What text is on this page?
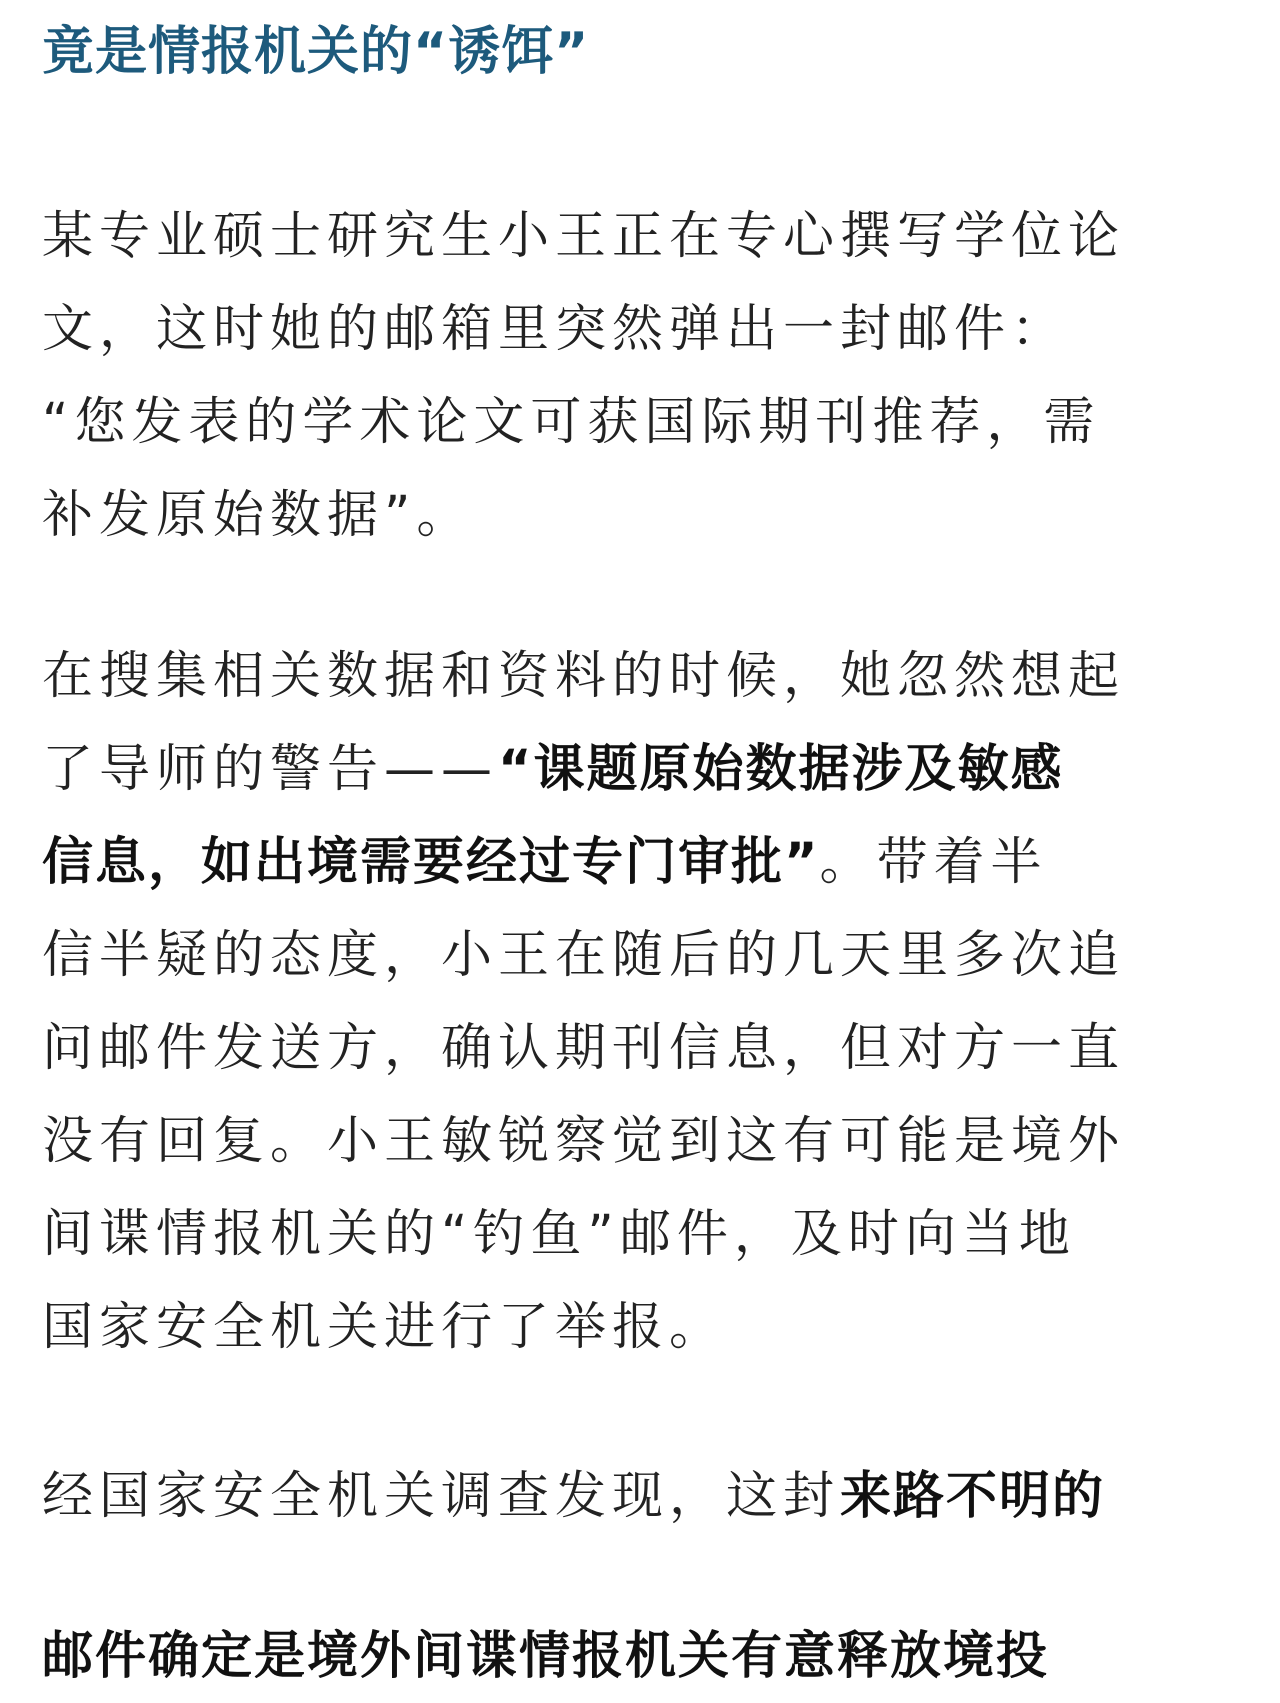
竟是情报机关的“诱饵”

某专业硕士研究生小王正在专心撰写学位论
文，这时她的邮箱里突然弹出一封邮件：
“您发表的学术论文可获国际期刊推荐，需
补发原始数据”。

在搜集相关数据和资料的时候，她忽然想起
了导师的警告——“课题原始数据涉及敏感
信息，如出境需要经过专门审批”。带着半
信半疑的态度，小王在随后的几天里多次追
问邮件发送方，确认期刊信息，但对方一直
没有回复。小王敏锐察觉到这有可能是境外
间谍情报机关的“钓鱼”邮件，及时向当地
国家安全机关进行了举报。

经国家安全机关调查发现，这封来路不明的

邮件确定是境外间谍情报机关有意释放境投
